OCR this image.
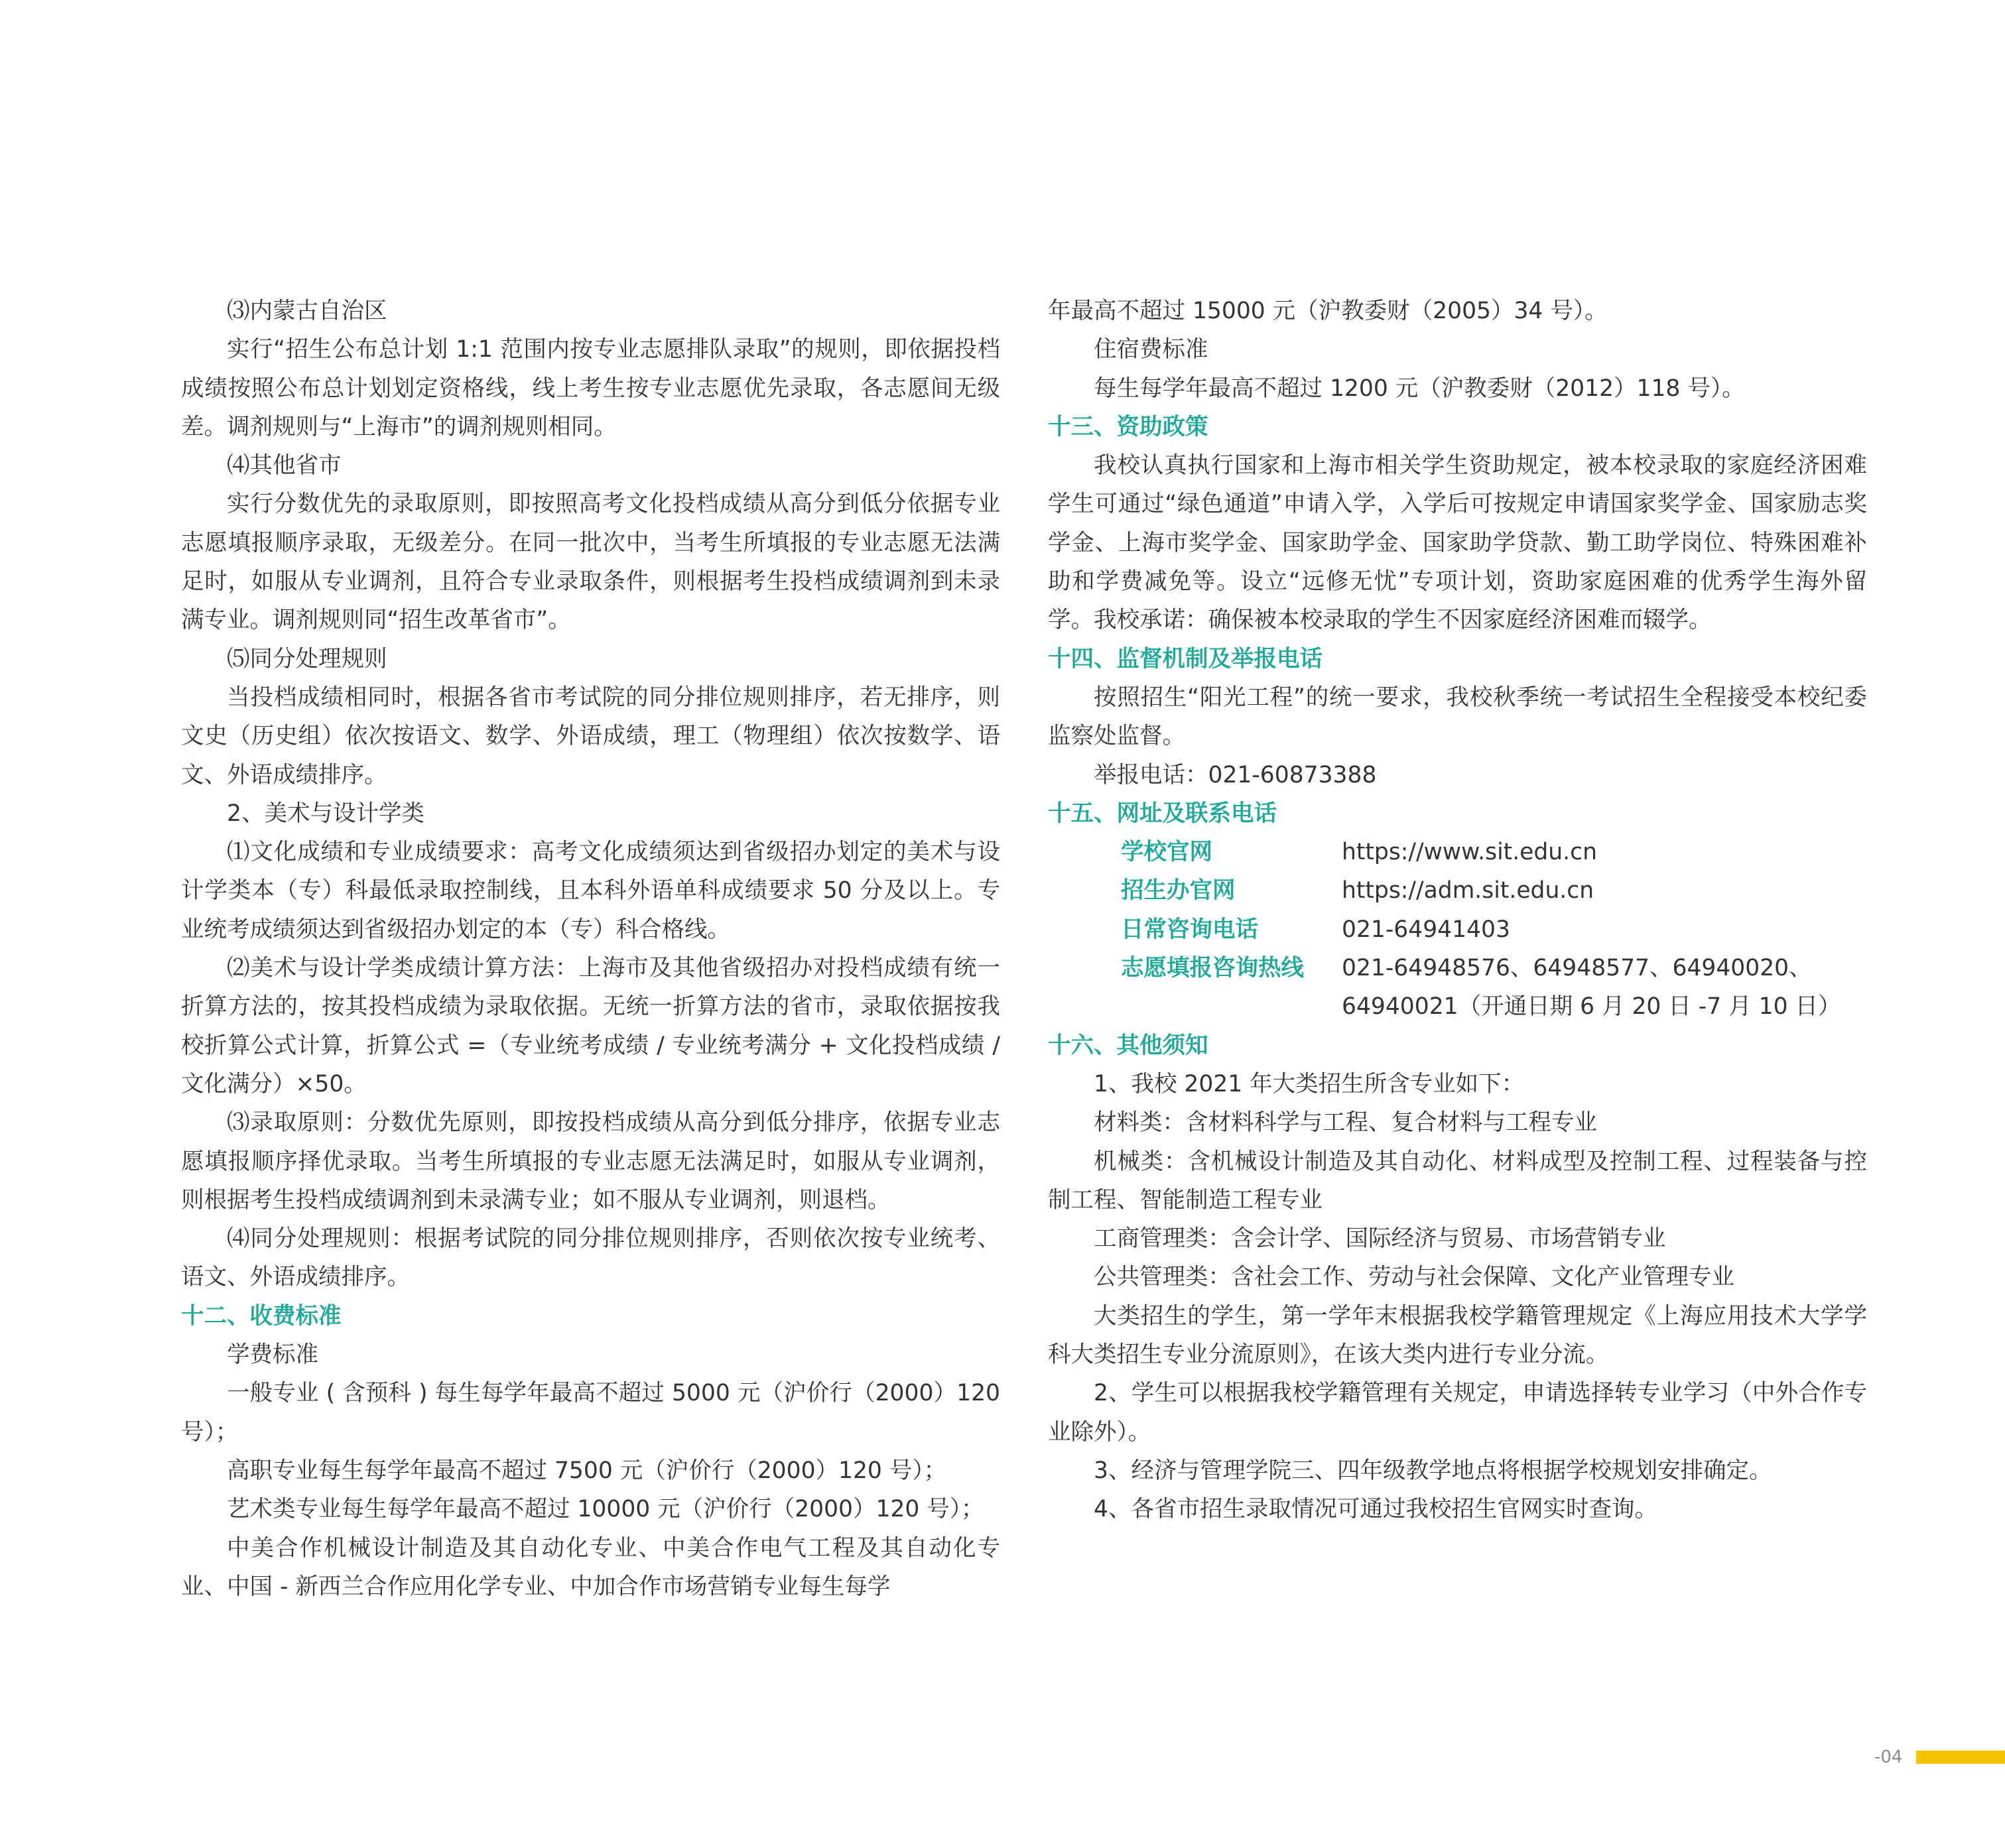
⑶内蒙古自治区

实行“招生公布总计划 1:1 范围内按专业志愿排队录取”的规则，即依据投档成绩按照公布总计划划定资格线，线上考生按专业志愿优先录取，各志愿间无级差。调剂规则与“上海市”的调剂规则相同。

⑷其他省市

实行分数优先的录取原则，即按照高考文化投档成绩从高分到低分依据专业志愿填报顺序录取，无级差分。在同一批次中，当考生所填报的专业志愿无法满足时，如服从专业调剂，且符合专业录取条件，则根据考生投档成绩调剂到未录满专业。调剂规则同“招生改革省市”。

⑸同分处理规则

当投档成绩相同时，根据各省市考试院的同分排位规则排序，若无排序，则文史（历史组）依次按语文、数学、外语成绩，理工（物理组）依次按数学、语文、外语成绩排序。

2、美术与设计学类

⑴文化成绩和专业成绩要求：高考文化成绩须达到省级招办划定的美术与设计学类本（专）科最低录取控制线，且本科外语单科成绩要求 50 分及以上。专业统考成绩须达到省级招办划定的本（专）科合格线。

⑵美术与设计学类成绩计算方法：上海市及其他省级招办对投档成绩有统一折算方法的，按其投档成绩为录取依据。无统一折算方法的省市，录取依据按我校折算公式计算，折算公式 =（专业统考成绩 / 专业统考满分 + 文化投档成绩 / 文化满分）×50。

⑶录取原则：分数优先原则，即按投档成绩从高分到低分排序，依据专业志愿填报顺序择优录取。当考生所填报的专业志愿无法满足时，如服从专业调剂，则根据考生投档成绩调剂到未录满专业；如不服从专业调剂，则退档。

⑷同分处理规则：根据考试院的同分排位规则排序，否则依次按专业统考、语文、外语成绩排序。

十二、收费标准

学费标准

一般专业 ( 含预科 ) 每生每学年最高不超过 5000 元（沪价行（2000）120 号）；

高职专业每生每学年最高不超过 7500 元（沪价行（2000）120 号）；

艺术类专业每生每学年最高不超过 10000 元（沪价行（2000）120 号）；

中美合作机械设计制造及其自动化专业、中美合作电气工程及其自动化专业、中国 - 新西兰合作应用化学专业、中加合作市场营销专业每生每学

年最高不超过 15000 元（沪教委财（2005）34 号）。

住宿费标准

每生每学年最高不超过 1200 元（沪教委财（2012）118 号）。

十三、资助政策

我校认真执行国家和上海市相关学生资助规定，被本校录取的家庭经济困难学生可通过“绿色通道”申请入学，入学后可按规定申请国家奖学金、国家励志奖学金、上海市奖学金、国家助学金、国家助学贷款、勤工助学岗位、特殊困难补助和学费减免等。设立“远修无忧”专项计划，资助家庭困难的优秀学生海外留学。我校承诺：确保被本校录取的学生不因家庭经济困难而辍学。

十四、监督机制及举报电话

按照招生“阳光工程”的统一要求，我校秋季统一考试招生全程接受本校纪委监察处监督。

举报电话：021-60873388

十五、网址及联系电话

学校官网	https://www.sit.edu.cn
招生办官网	https://adm.sit.edu.cn
日常咨询电话	021-64941403
志愿填报咨询热线	021-64948576、64948577、64940020、64940021（开通日期 6 月 20 日 -7 月 10 日）

十六、其他须知

1、我校 2021 年大类招生所含专业如下：

材料类：含材料科学与工程、复合材料与工程专业

机械类：含机械设计制造及其自动化、材料成型及控制工程、过程装备与控制工程、智能制造工程专业

工商管理类：含会计学、国际经济与贸易、市场营销专业

公共管理类：含社会工作、劳动与社会保障、文化产业管理专业

大类招生的学生，第一学年末根据我校学籍管理规定《上海应用技术大学学科大类招生专业分流原则》，在该大类内进行专业分流。

2、学生可以根据我校学籍管理有关规定，申请选择转专业学习（中外合作专业除外）。

3、经济与管理学院三、四年级教学地点将根据学校规划安排确定。

4、各省市招生录取情况可通过我校招生官网实时查询。

-04
